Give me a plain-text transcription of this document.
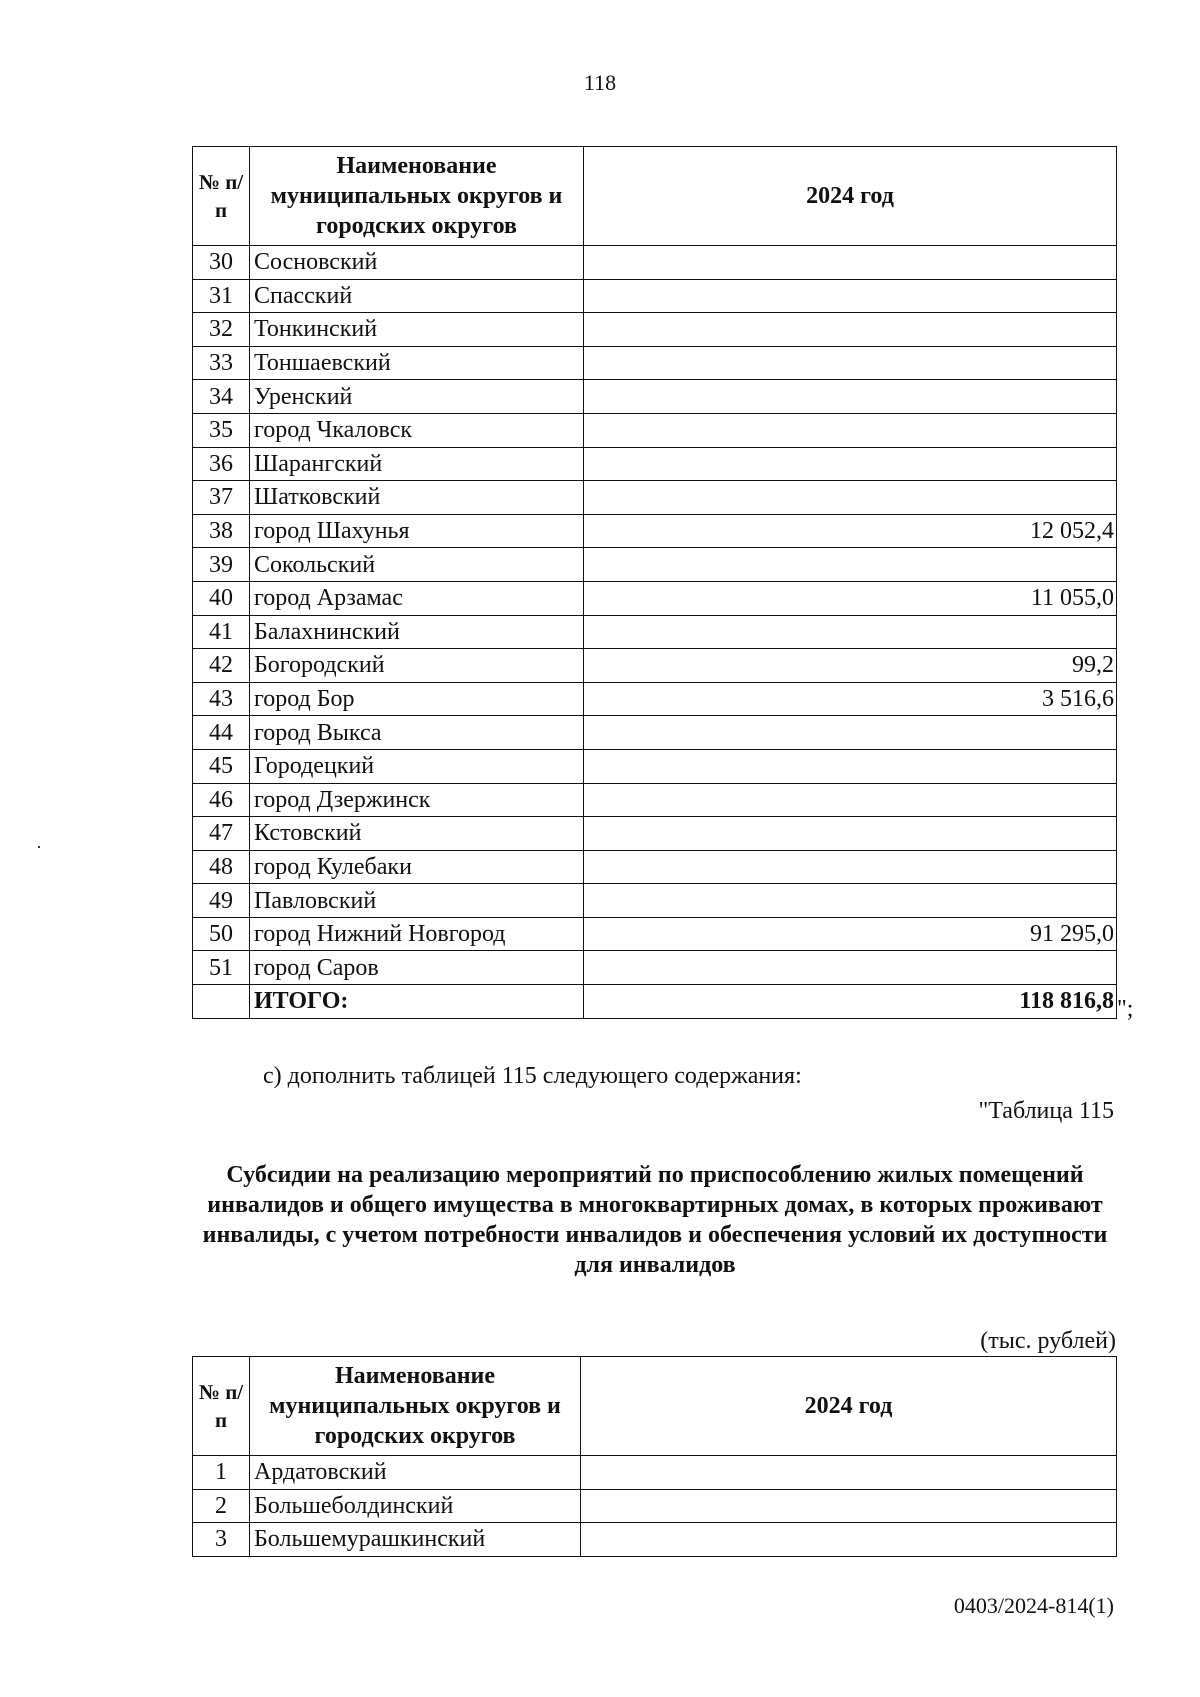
118
№ п/п	Наименование муниципальных округов и городских округов	2024 год
30	Сосновский	
31	Спасский	
32	Тонкинский	
33	Тоншаевский	
34	Уренский	
35	город Чкаловск	
36	Шарангский	
37	Шатковский	
38	город Шахунья	12 052,4
39	Сокольский	
40	город Арзамас	11 055,0
41	Балахнинский	
42	Богородский	99,2
43	город Бор	3 516,6
44	город Выкса	
45	Городецкий	
46	город Дзержинск	
47	Кстовский	
48	город Кулебаки	
49	Павловский	
50	город Нижний Новгород	91 295,0
51	город Саров	
	ИТОГО:	118 816,8 ";
с) дополнить таблицей 115 следующего содержания:
"Таблица 115
Субсидии на реализацию мероприятий по приспособлению жилых помещений инвалидов и общего имущества в многоквартирных домах, в которых проживают инвалиды, с учетом потребности инвалидов и обеспечения условий их доступности для инвалидов
(тыс. рублей)
№ п/п	Наименование муниципальных округов и городских округов	2024 год
1	Ардатовский	
2	Большеболдинский	
3	Большемурашкинский	
0403/2024-814(1)
